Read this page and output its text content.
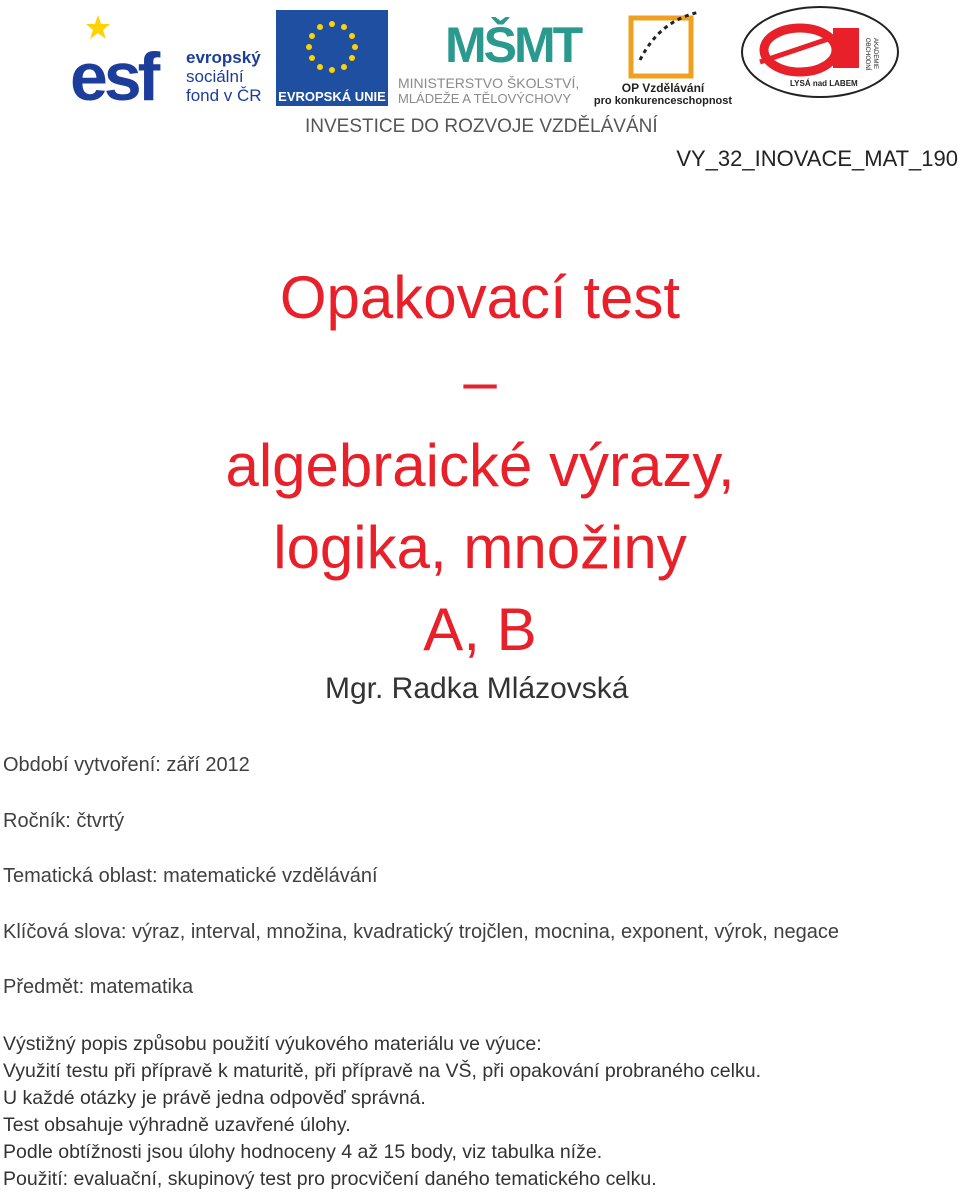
esf evropský
sociální
fond v ČR EVROPSKÁ UNIE
MŠMT
MINISTERSTVO ŠKOLSTVÍ,
MLÁDEŽE A TĚLOVÝCHOVY
OP Vzdělávání
pro konkurenceschopnost
OBCHODNÍ AKADEMIE
LYSÁ nad LABEM
INVESTICE DO ROZVOJE VZDĚLÁVÁNÍ
VY_32_INOVACE_MAT_190
Opakovací test
–
algebraické výrazy,
logika, množiny
A, B
Mgr. Radka Mlázovská
Období vytvoření: září 2012
Ročník: čtvrtý
Tematická oblast: matematické vzdělávání
Klíčová slova: výraz, interval, množina, kvadratický trojčlen, mocnina, exponent, výrok, negace
Předmět: matematika
Výstižný popis způsobu použití výukového materiálu ve výuce:
Využití testu při přípravě k maturitě, při přípravě na VŠ, při opakování probraného celku.
U každé otázky je právě jedna odpověď správná.
Test obsahuje výhradně uzavřené úlohy.
Podle obtížnosti jsou úlohy hodnoceny 4 až 15 body, viz tabulka níže.
Použití: evaluační, skupinový test pro procvičení daného tematického celku.
